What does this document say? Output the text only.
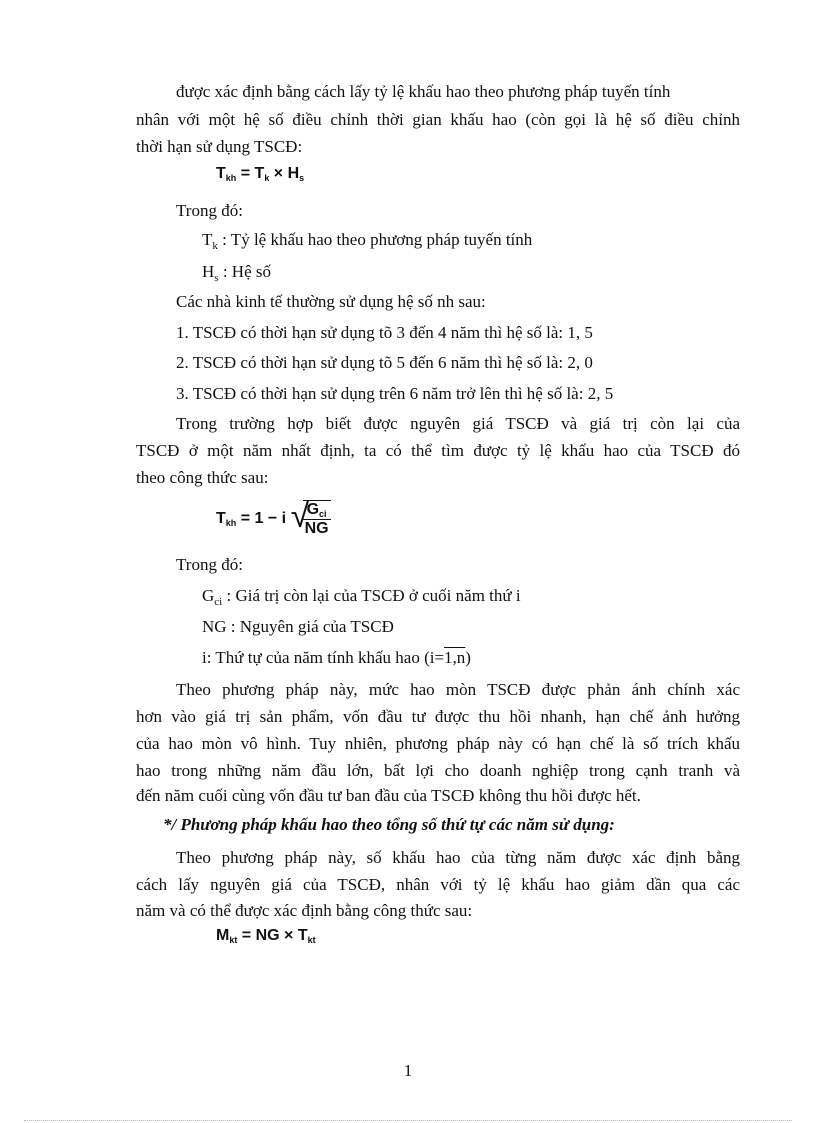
được xác định bằng cách lấy tỷ lệ khấu hao theo phương pháp tuyến tính
nhân với một hệ số điều chỉnh thời gian khấu hao (còn gọi là hệ số điều chỉnh
thời hạn sử dụng TSCĐ:
$T_{kh} = T_k \times H_s$
Trong đó:
$T_k$ : Tỷ lệ khấu hao theo phương pháp tuyến tính
$H_s$ : Hệ số
Các nhà kinh tế thường sử dụng hệ số nh sau:
1. TSCĐ có thời hạn sử dụng tõ 3 đến 4 năm thì hệ số là: 1, 5
2. TSCĐ có thời hạn sử dụng tõ 5 đến 6 năm thì hệ số là: 2, 0
3. TSCĐ có thời hạn sử dụng trên 6 năm trở lên thì hệ số là: 2, 5
Trong trường hợp biết được nguyên giá TSCĐ và giá trị còn lại của
TSCĐ ở một năm nhất định, ta có thể tìm được tỷ lệ khấu hao của TSCĐ đó
theo công thức sau:
$T_{kh} = 1 - i$ √
$\frac{G_{ci}}{NG}$
Trong đó:
$G_{ci}$ : Giá trị còn lại của TSCĐ ở cuối năm thứ i
NG : Nguyên giá của TSCĐ
i: Thứ tự của năm tính khấu hao (i=1,n)
Theo phương pháp này, mức hao mòn TSCĐ được phản ánh chính xác
hơn vào giá trị sản phẩm, vốn đầu tư được thu hồi nhanh, hạn chế ảnh hưởng
của hao mòn vô hình. Tuy nhiên, phương pháp này có hạn chế là số trích khấu
hao trong những năm đầu lớn, bất lợi cho doanh nghiệp trong cạnh tranh và
đến năm cuối cùng vốn đầu tư ban đầu của TSCĐ không thu hồi được hết.
*/ Phương pháp khấu hao theo tổng số thứ tự các năm sử dụng:
Theo phương pháp này, số khấu hao của từng năm được xác định bằng
cách lấy nguyên giá của TSCĐ, nhân với tỷ lệ khấu hao giảm dần qua các
năm và có thể được xác định bằng công thức sau:
$M_{kt}$ = NG × $T_{kt}$
1
